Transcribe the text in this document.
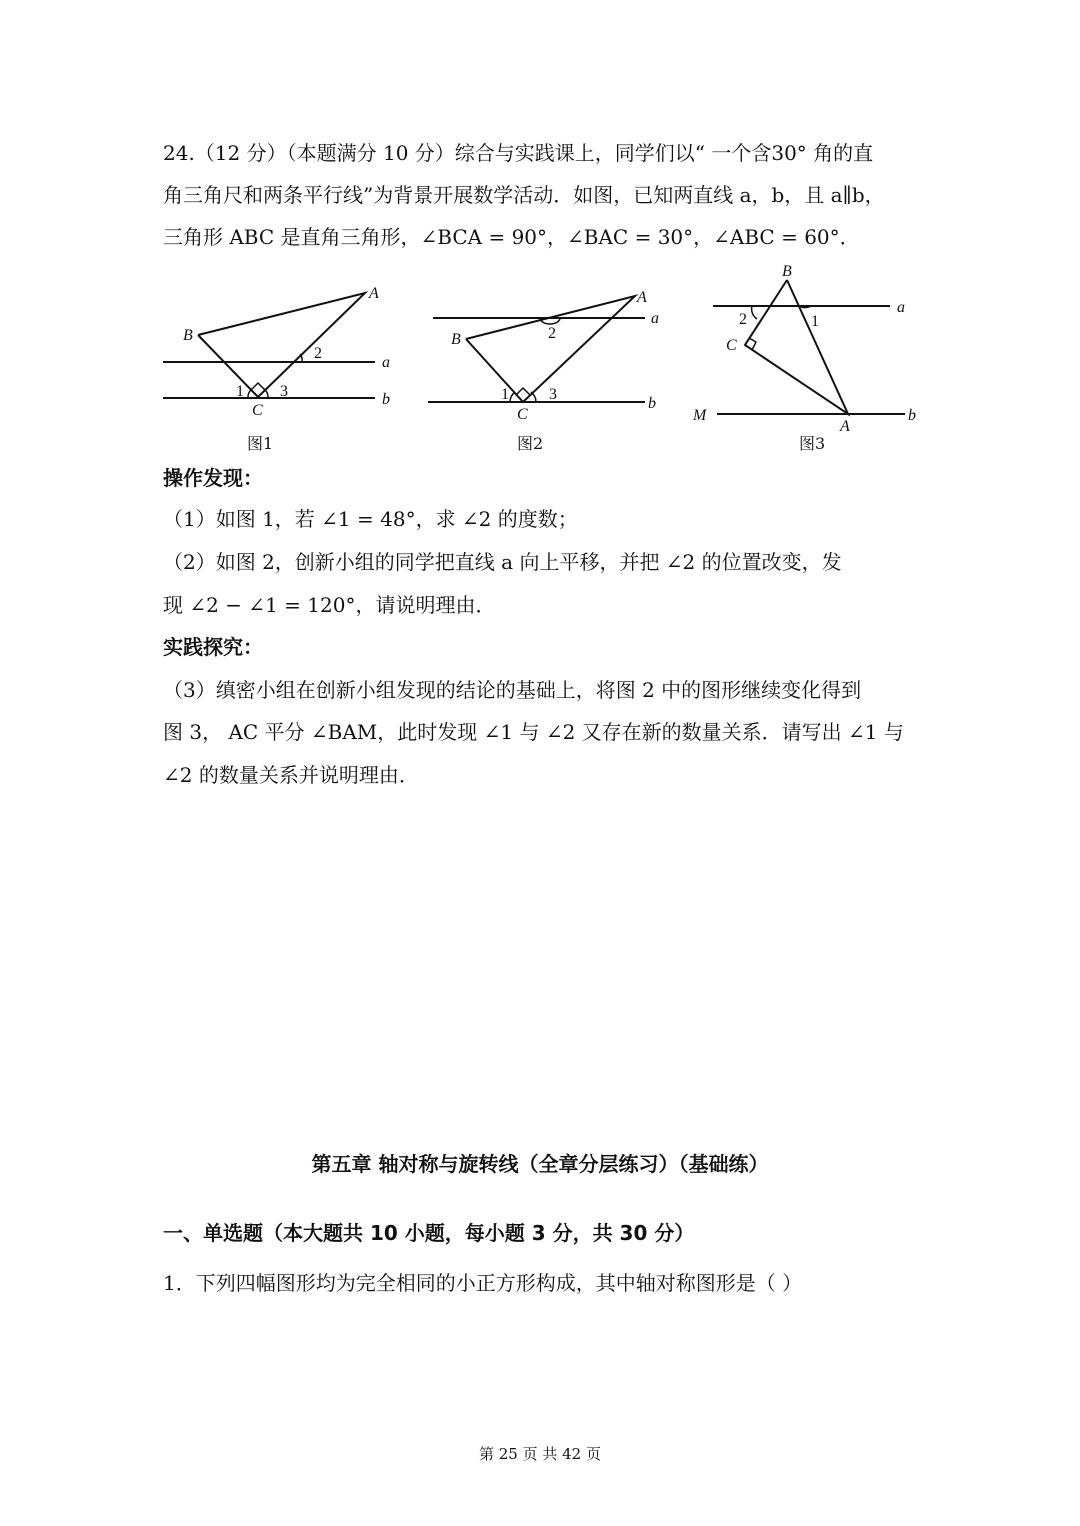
24.（12 分）（本题满分 10 分）综合与实践课上，同学们以“ 一个含30° 角的直
角三角尺和两条平行线”为背景开展数学活动．如图，已知两直线 a，b，且 a∥b，
三角形 ABC 是直角三角形，∠BCA = 90°，∠BAC = 30°，∠ABC = 60°．
A
B
C
a
b
1 3
2
A
B
C
a
b
1	3
2
B
C
A
M
a
b
1
2
图1	图2	图3
操作发现：
（1）如图 1，若 ∠1 = 48°，求 ∠2 的度数；
（2）如图 2，创新小组的同学把直线 a 向上平移，并把 ∠2 的位置改变，发
现 ∠2 − ∠1 = 120°，请说明理由．
实践探究：
（3）缜密小组在创新小组发现的结论的基础上，将图 2 中的图形继续变化得到
图 3， AC 平分 ∠BAM，此时发现 ∠1 与 ∠2 又存在新的数量关系．请写出 ∠1 与
∠2 的数量关系并说明理由．
第五章 轴对称与旋转线（全章分层练习）（基础练）
一、单选题（本大题共 10 小题，每小题 3 分，共 30 分）
1．下列四幅图形均为完全相同的小正方形构成，其中轴对称图形是（ ）
第 25 页 共 42 页
